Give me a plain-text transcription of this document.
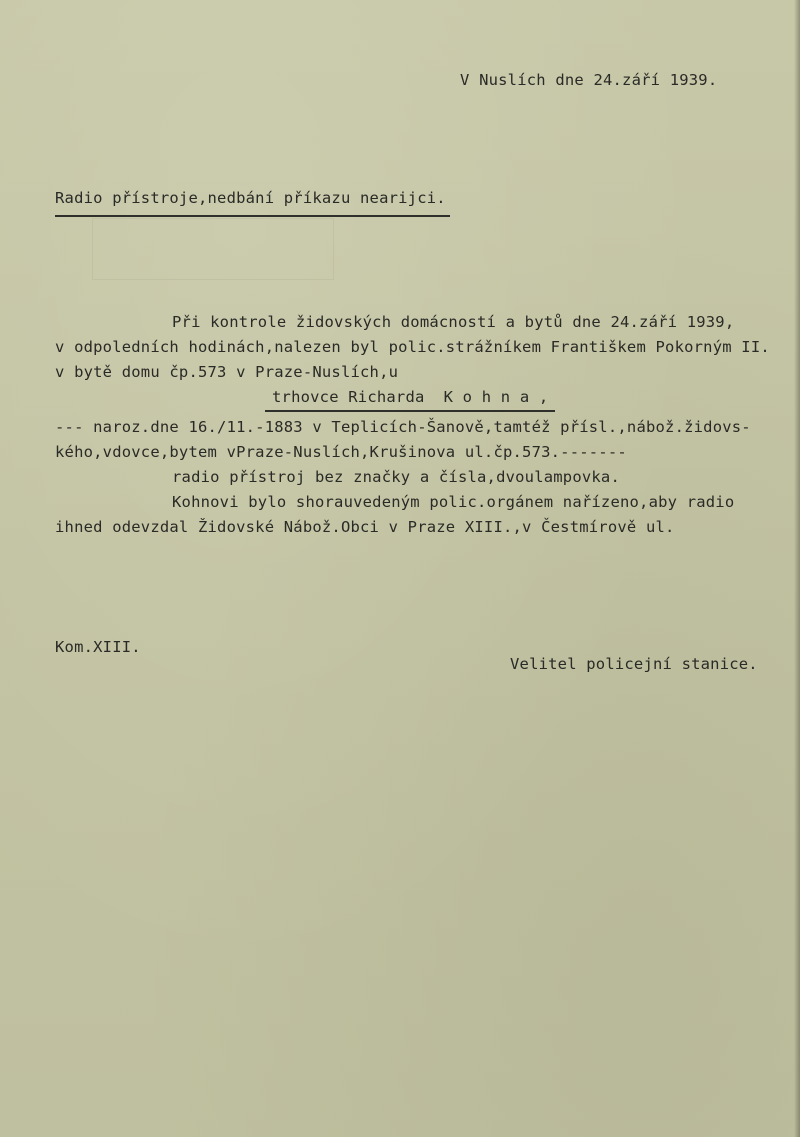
V Nuslích dne 24.září 1939.
Radio přístroje,nedbání příkazu nearijci.
Při kontrole židovských domácností a bytů dne 24.září 1939,
v odpoledních hodinách,nalezen byl polic.strážníkem Františkem Pokorným II.
v bytě domu čp.573 v Praze-Nuslích,u
trhovce Richarda  K o h n a ,
--- naroz.dne 16./11.-1883 v Teplicích-Šanově,tamtéž přísl.,nábož.židovs-
kého,vdovce,bytem vPraze-Nuslích,Krušinova ul.čp.573.-------
radio přístroj bez značky a čísla,dvoulampovka.
Kohnovi bylo shorauvedeným polic.orgánem nařízeno,aby radio
ihned odevzdal Židovské Nábož.Obci v Praze XIII.,v Čestmírově ul.
Kom.XIII.
Velitel policejní stanice.
